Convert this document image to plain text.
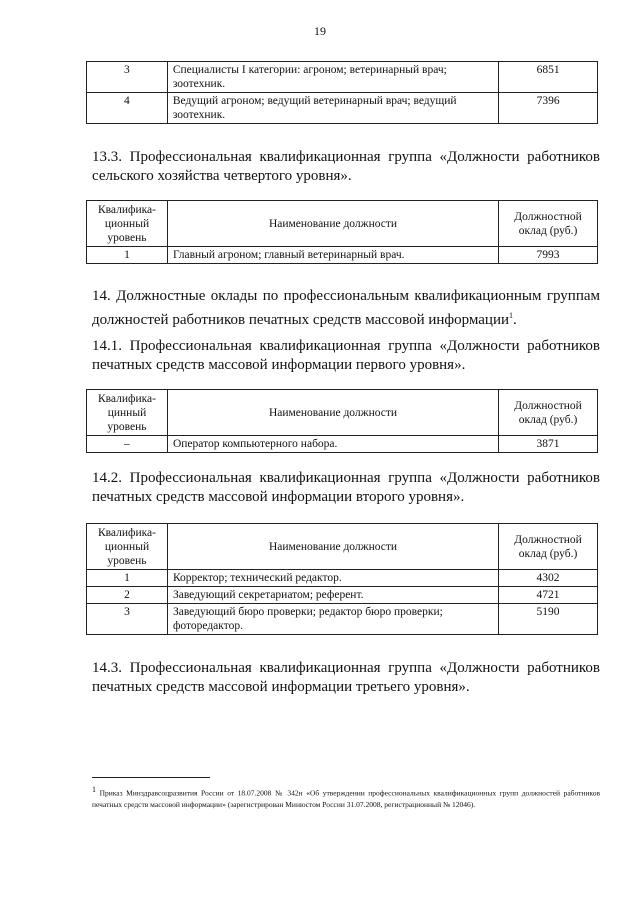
19
3	Специалисты I категории: агроном; ветеринарный врач; зоотехник.	6851
4	Ведущий агроном; ведущий ветеринарный врач; ведущий зоотехник.	7396
13.3. Профессиональная квалификационная группа «Должности работников сельского хозяйства четвертого уровня».
Квалифика-ционный уровень	Наименование должности	Должностной оклад (руб.)
1	Главный агроном; главный ветеринарный врач.	7993
14. Должностные оклады по профессиональным квалификационным группам должностей работников печатных средств массовой информации$^1$.
14.1. Профессиональная квалификационная группа «Должности работников печатных средств массовой информации первого уровня».
Квалифика-цинный уровень	Наименование должности	Должностной оклад (руб.)
–	Оператор компьютерного набора.	3871
14.2. Профессиональная квалификационная группа «Должности работников печатных средств массовой информации второго уровня».
Квалифика-ционный уровень	Наименование должности	Должностной оклад (руб.)
1	Корректор; технический редактор.	4302
2	Заведующий секретариатом; референт.	4721
3	Заведующий бюро проверки; редактор бюро проверки; фоторедактор.	5190
14.3. Профессиональная квалификационная группа «Должности работников печатных средств массовой информации третьего уровня».
$^1$ Приказ Минздравсоцразвития России от 18.07.2008 № 342н «Об утверждении профессиональных квалификационных групп должностей работников печатных средств массовой информации» (зарегистрирован Минюстом России 31.07.2008, регистрационный № 12046).
